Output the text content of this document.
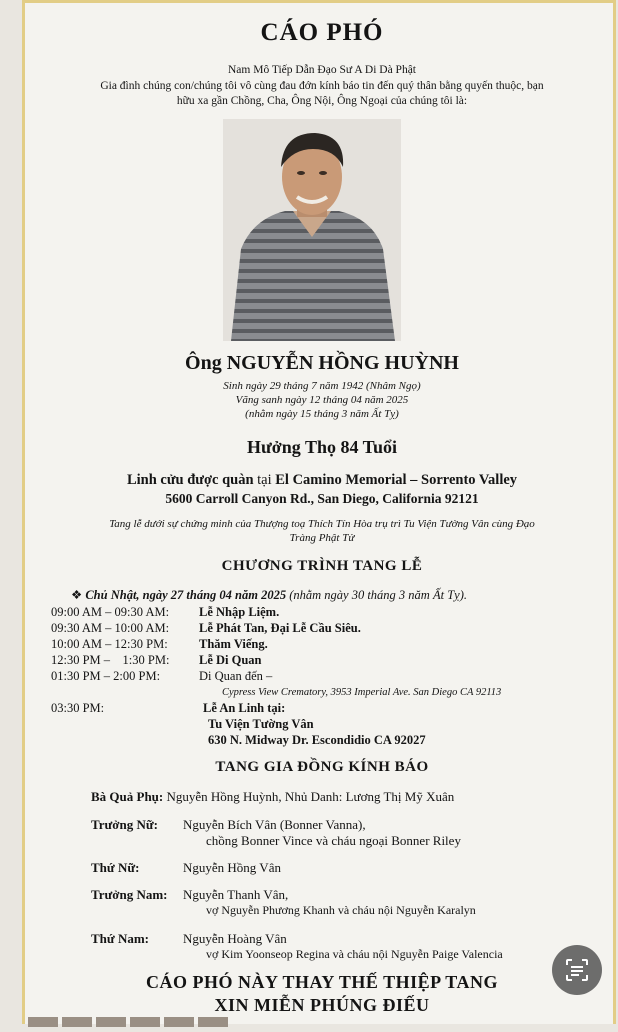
CÁO PHÓ
Nam Mô Tiếp Dẫn Đạo Sư A Di Dà Phật
Gia đình chúng con/chúng tôi vô cùng đau đớn kính báo tin đến quý thân bằng quyến thuộc, bạn
hữu xa gần Chồng, Cha, Ông Nội, Ông Ngoại của chúng tôi là:
Ông NGUYỄN HỒNG HUỲNH
Sinh ngày 29 tháng 7 năm 1942 (Nhâm Ngọ)
Vãng sanh ngày 12 tháng 04 năm 2025
(nhằm ngày 15 tháng 3 năm Ất Tỵ)
Hưởng Thọ 84 Tuổi
Linh cửu được quàn tại El Camino Memorial – Sorrento Valley
5600 Carroll Canyon Rd., San Diego, California 92121
Tang lễ dưới sự chứng minh của Thượng toạ Thích Tín Hòa trụ trì Tu Viện Tường Vân cùng Đạo
Tràng Phật Tử
CHƯƠNG TRÌNH TANG LỄ
❖ Chủ Nhật, ngày 27 tháng 04 năm 2025 (nhằm ngày 30 tháng 3 năm Ất Tỵ).
09:00 AM – 09:30 AM: Lễ Nhập Liệm.
09:30 AM – 10:00 AM: Lễ Phát Tan, Đại Lễ Cầu Siêu.
10:00 AM – 12:30 PM:	Thăm Viếng.
12:30 PM –    1:30 PM: Lễ Di Quan
01:30 PM – 2:00 PM:	Di Quan đến –
Cypress View Crematory, 3953 Imperial Ave. San Diego CA 92113
03:30 PM:	Lễ An Linh tại:
Tu Viện Tường Vân
630 N. Midway Dr. Escondidio CA 92027
TANG GIA ĐỒNG KÍNH BÁO
Bà Quả Phụ: Nguyễn Hồng Huỳnh, Nhủ Danh: Lương Thị Mỹ Xuân
Trưởng Nữ: Nguyễn Bích Vân (Bonner Vanna),
chồng Bonner Vince và cháu ngoại Bonner Riley
Thứ Nữ:	Nguyễn Hồng Vân
Trưởng Nam: Nguyễn Thanh Vân,
vợ Nguyễn Phương Khanh và cháu nội Nguyễn Karalyn
Thứ Nam:	Nguyễn Hoàng Vân
vợ Kim Yoonseop Regina và cháu nội Nguyễn Paige Valencia
CÁO PHÓ NÀY THAY THẾ THIỆP TANG
XIN MIỄN PHÚNG ĐIẾU
